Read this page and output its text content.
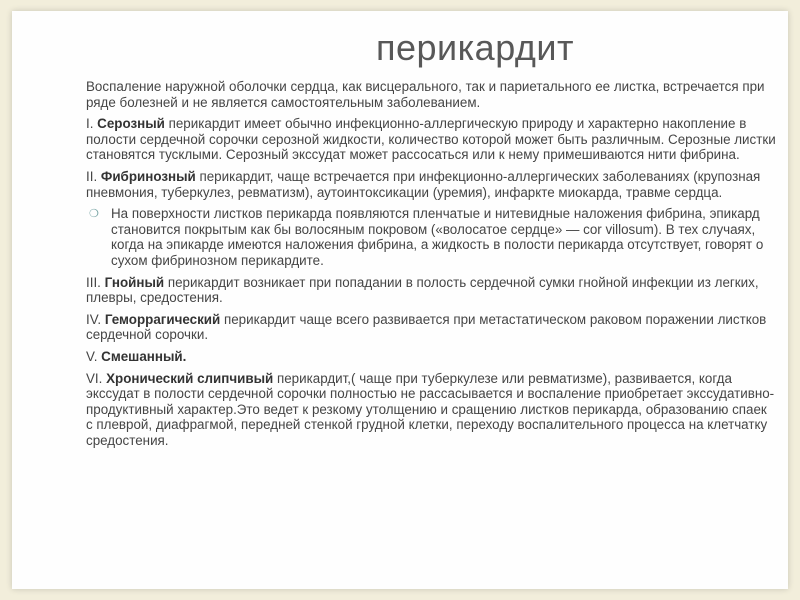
перикардит

Воспаление наружной оболочки сердца, как висцерального, так и париетального ее листка, встречается при ряде болезней и не является самостоятельным заболеванием.

I. Серозный перикардит имеет обычно инфекционно-аллергическую природу и характерно накопление в полости сердечной сорочки серозной жидкости, количество которой может быть различным. Серозные листки становятся тусклыми. Серозный экссудат может рассосаться или к нему примешиваются нити фибрина.

II. Фибринозный перикардит, чаще встречается при инфекционно-аллергических заболеваниях (крупозная пневмония, туберкулез, ревматизм), аутоинтоксикации (уремия), инфаркте миокарда, травме сердца.

❍ На поверхности листков перикарда появляются пленчатые и нитевидные наложения фибрина, эпикард становится покрытым как бы волосяным покровом («волосатое сердце» — cor villosum). В тех случаях, когда на эпикарде имеются наложения фибрина, а жидкость в полости перикарда отсутствует, говорят о сухом фибринозном перикардите.

III. Гнойный перикардит возникает при попадании в полость сердечной сумки гнойной инфекции из легких, плевры, средостения.

IV. Геморрагический перикардит чаще всего развивается при метастатическом раковом поражении листков сердечной сорочки.

V. Смешанный.

VI. Хронический слипчивый перикардит,( чаще при туберкулезе или ревматизме), развивается, когда экссудат в полости сердечной сорочки полностью не рассасывается и воспаление приобретает экссудативно-продуктивный характер.Это ведет к резкому утолщению и сращению листков перикарда, образованию спаек с плеврой, диафрагмой, передней стенкой грудной клетки, переходу воспалительного процесса на клетчатку средостения.
